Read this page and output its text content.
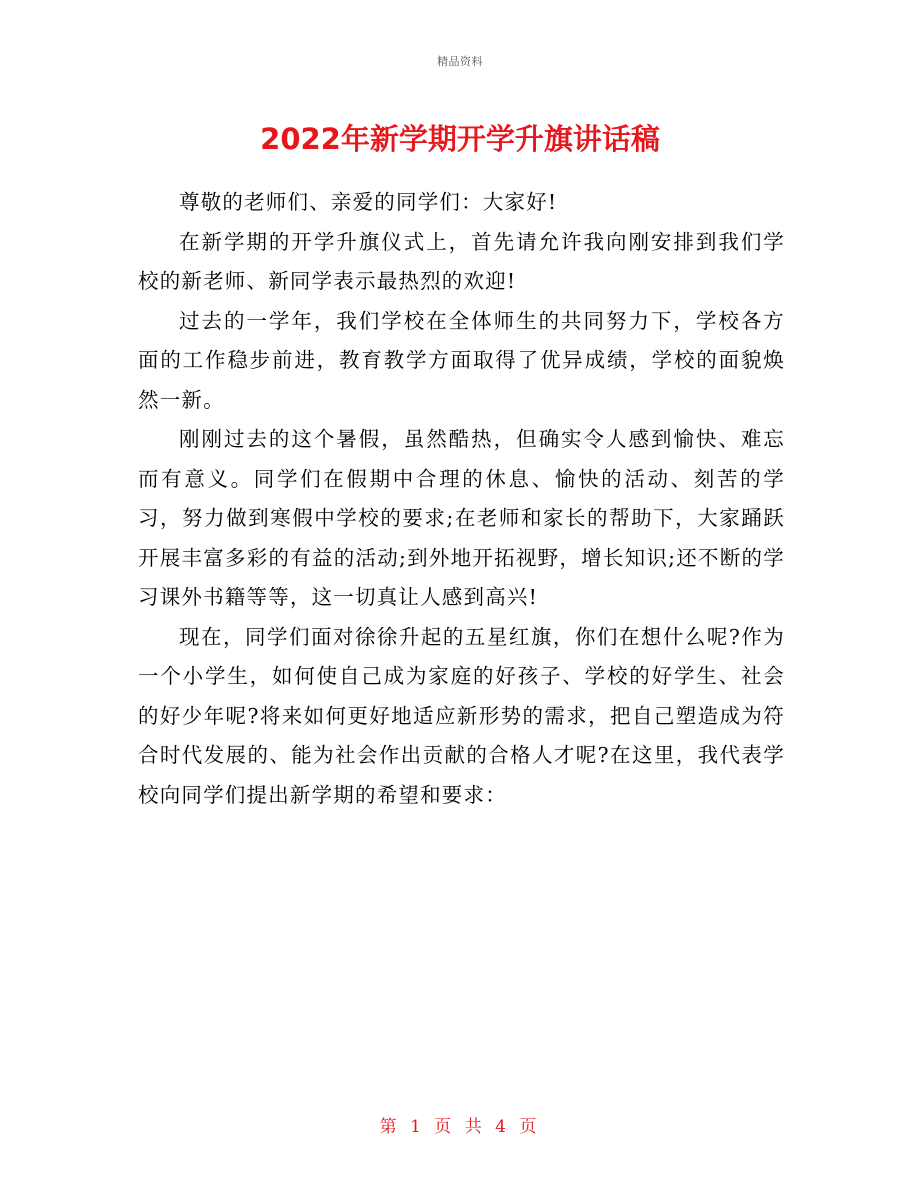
精品资料
2022年新学期开学升旗讲话稿

尊敬的老师们、亲爱的同学们：大家好!

在新学期的开学升旗仪式上，首先请允许我向刚安排到我们学校的新老师、新同学表示最热烈的欢迎!

过去的一学年，我们学校在全体师生的共同努力下，学校各方面的工作稳步前进，教育教学方面取得了优异成绩，学校的面貌焕然一新。

刚刚过去的这个暑假，虽然酷热，但确实令人感到愉快、难忘而有意义。同学们在假期中合理的休息、愉快的活动、刻苦的学习，努力做到寒假中学校的要求;在老师和家长的帮助下，大家踊跃开展丰富多彩的有益的活动;到外地开拓视野，增长知识;还不断的学习课外书籍等等，这一切真让人感到高兴!

现在，同学们面对徐徐升起的五星红旗，你们在想什么呢?作为一个小学生，如何使自己成为家庭的好孩子、学校的好学生、社会的好少年呢?将来如何更好地适应新形势的需求，把自己塑造成为符合时代发展的、能为社会作出贡献的合格人才呢?在这里，我代表学校向同学们提出新学期的希望和要求：

第 1 页 共 4 页
